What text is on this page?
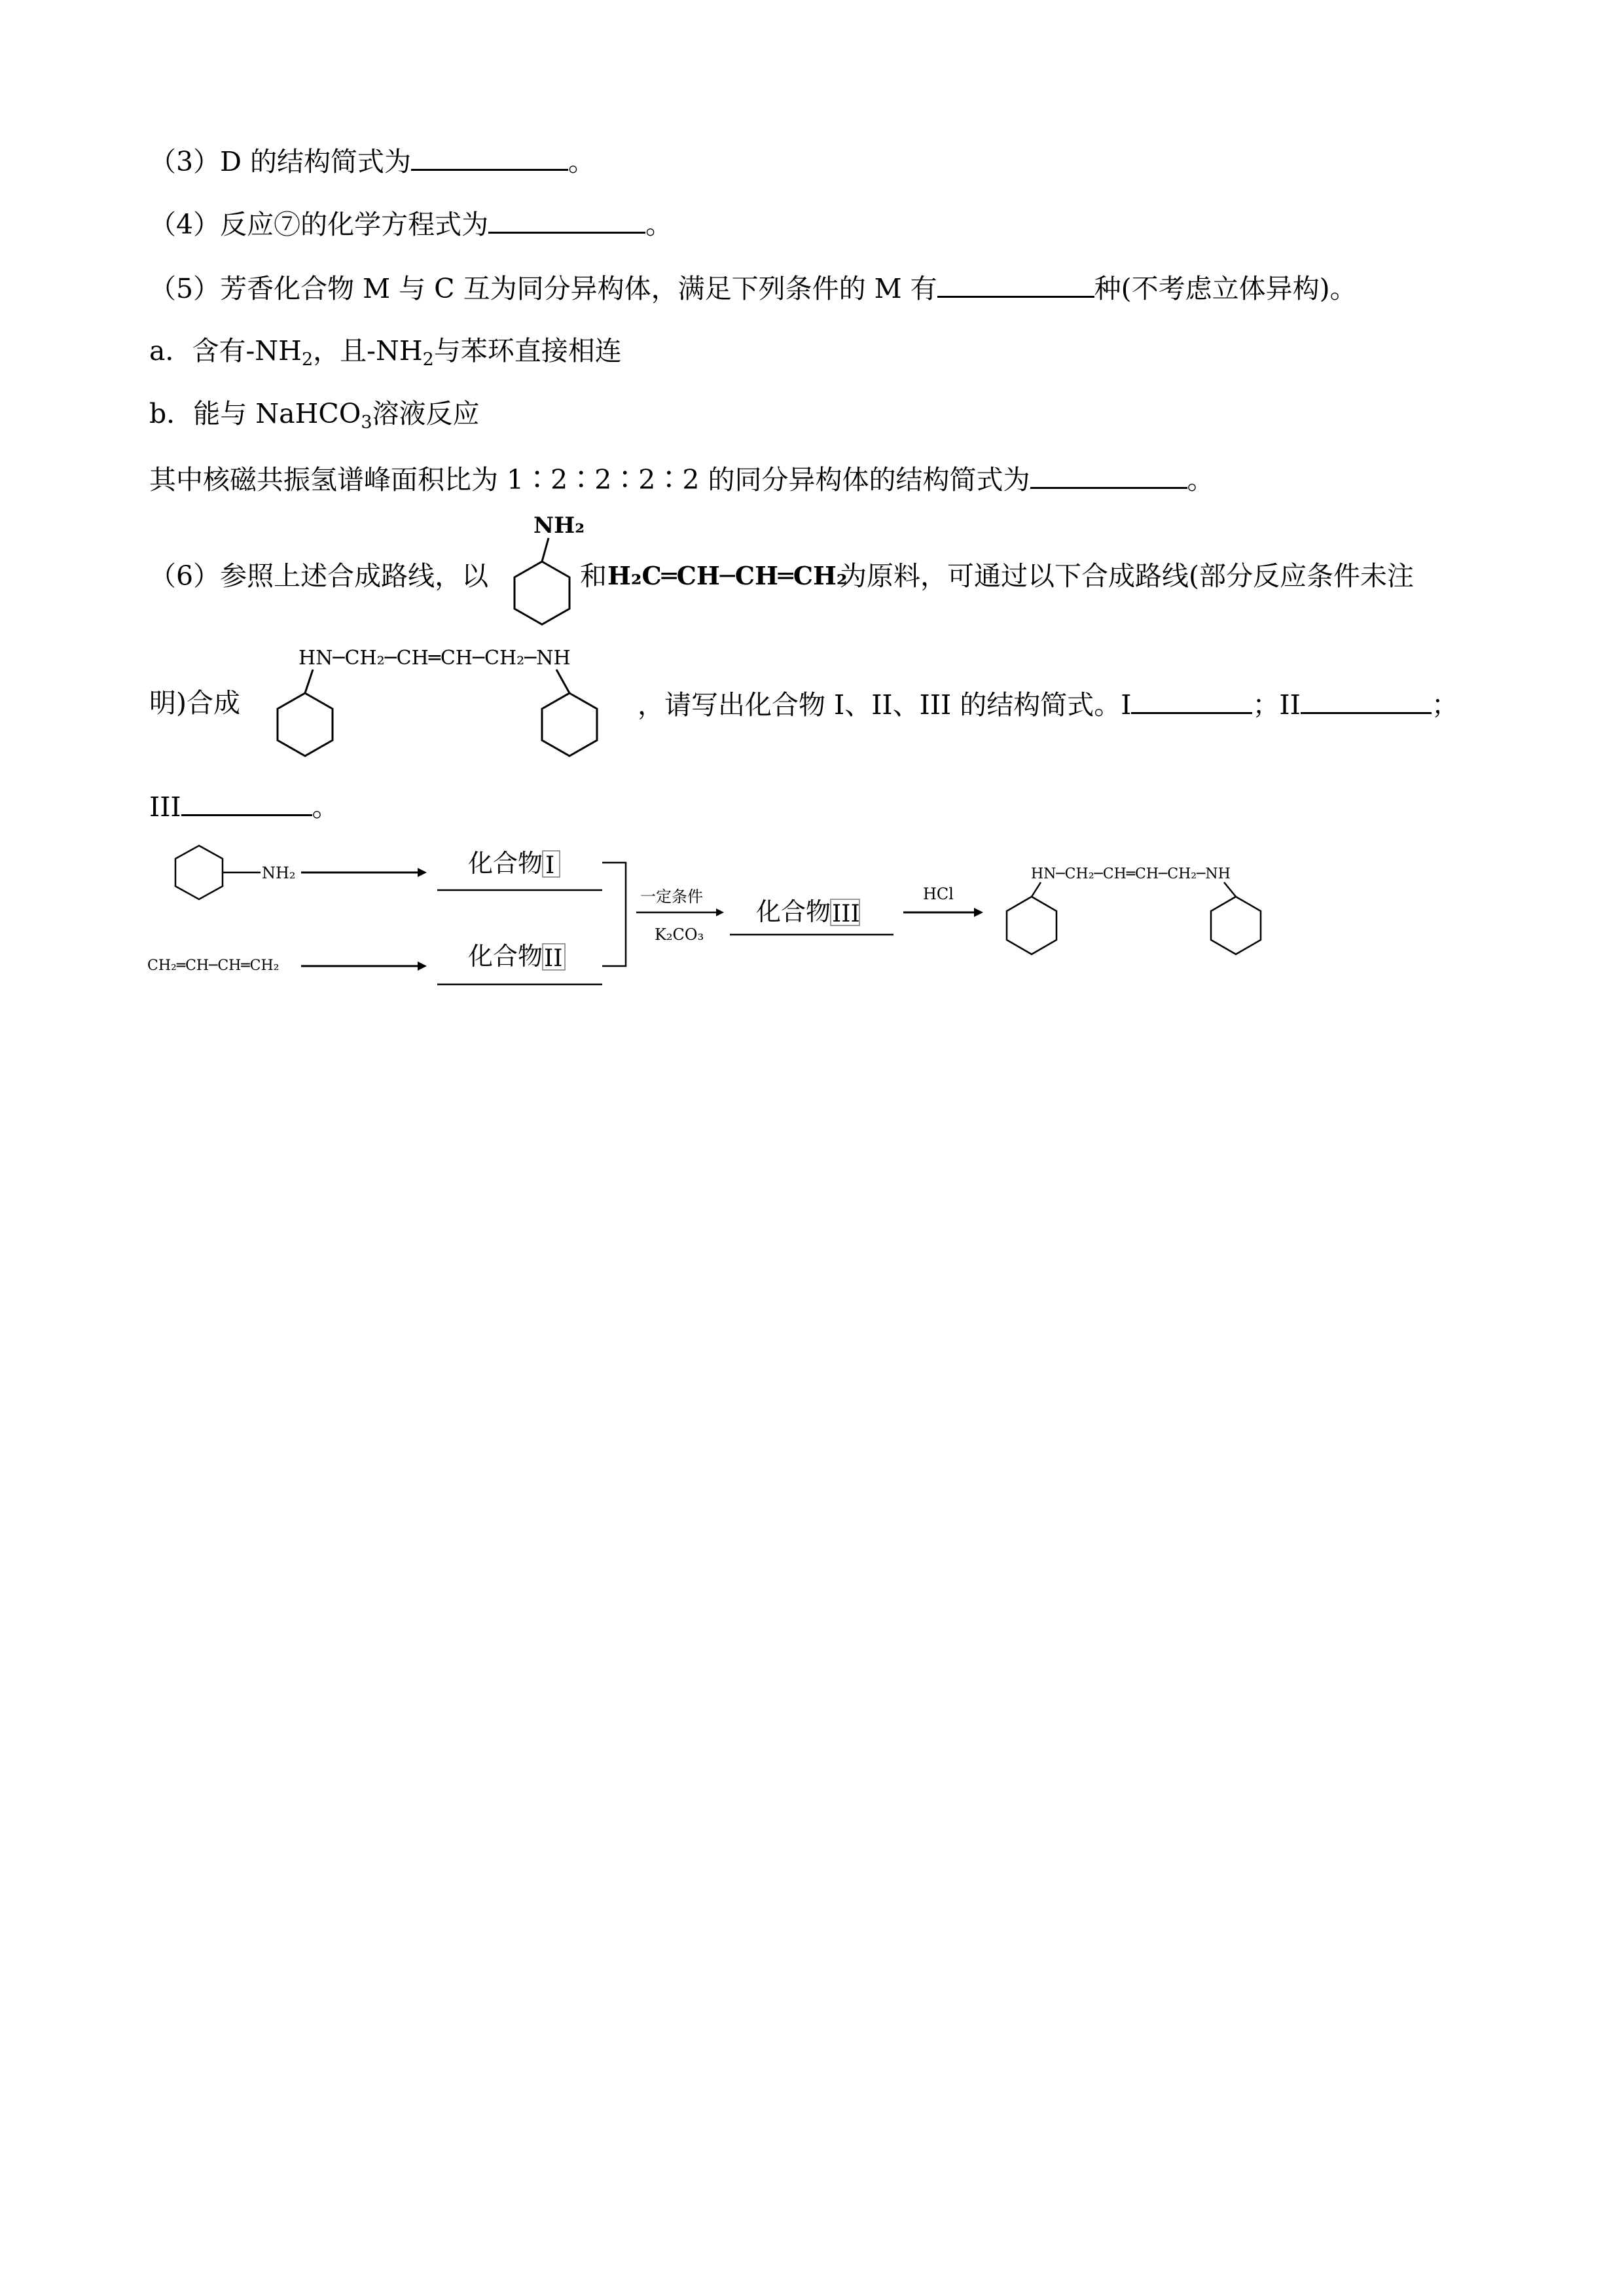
（3）D 的结构简式为	。
（4）反应⑦的化学方程式为	。
（5）芳香化合物 M 与 C 互为同分异构体，满足下列条件的 M 有	种(不考虑立体异构)。
a．含有$-NH_2$，且$-NH_2$与苯环直接相连
b．能与 NaHCO$_3$溶液反应
其中核磁共振氢谱峰面积比为 1∶2∶2∶2∶2 的同分异构体的结构简式为	。
（6）参照上述合成路线，以
NH₂
和 H₂C═CH─CH═CH₂
为原料，可通过以下合成路线(部分反应条件未注
明)合成
HN─CH₂─CH═CH─CH₂─NH
，请写出化合物 I、II、III 的结构简式。I	；II	；
III	。
NH₂	化合物 I
CH₂═CH─CH═CH₂	化合物 II
一定条件
K₂CO₃
化合物 III
HCl
HN─CH₂─CH═CH─CH₂─NH
